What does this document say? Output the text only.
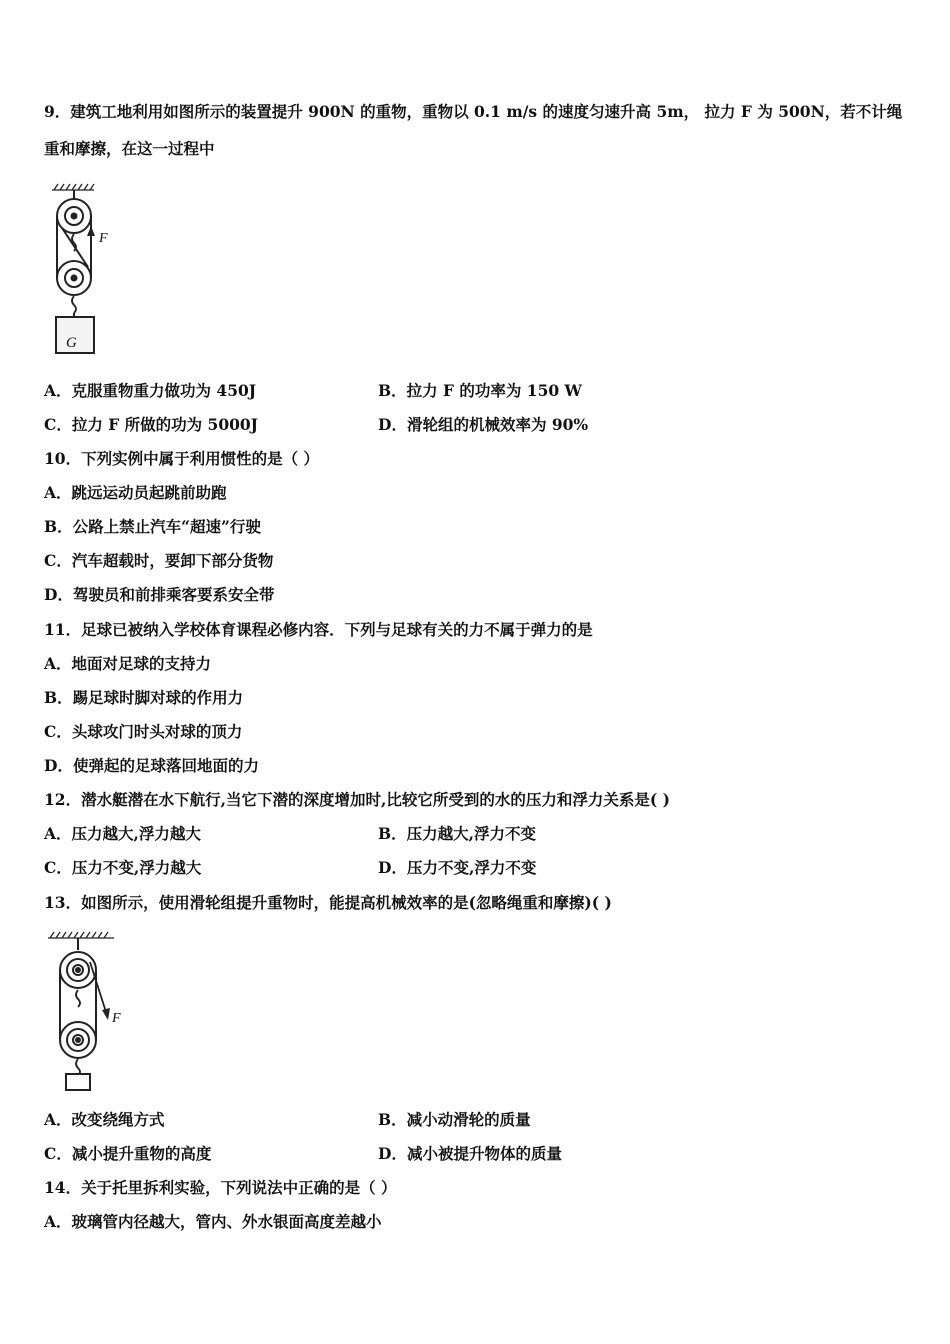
9．建筑工地利用如图所示的装置提升 900N 的重物，重物以 0.1 m/s 的速度匀速升高 5m， 拉力 F 为 500N，若不计绳
重和摩擦，在这一过程中
F
G
A．克服重物重力做功为 450J	B．拉力 F 的功率为 150 W
C．拉力 F 所做的功为 5000J	D．滑轮组的机械效率为 90%
10．下列实例中属于利用惯性的是（ ）
A．跳远运动员起跳前助跑
B．公路上禁止汽车“超速”行驶
C．汽车超载时，要卸下部分货物
D．驾驶员和前排乘客要系安全带
11．足球已被纳入学校体育课程必修内容．下列与足球有关的力不属于弹力的是
A．地面对足球的支持力
B．踢足球时脚对球的作用力
C．头球攻门时头对球的顶力
D．使弹起的足球落回地面的力
12．潜水艇潜在水下航行,当它下潜的深度增加时,比较它所受到的水的压力和浮力关系是( )
A．压力越大,浮力越大	B．压力越大,浮力不变
C．压力不变,浮力越大	D．压力不变,浮力不变
13．如图所示，使用滑轮组提升重物时，能提高机械效率的是(忽略绳重和摩擦)( )
F
A．改变绕绳方式	B．减小动滑轮的质量
C．减小提升重物的高度	D．减小被提升物体的质量
14．关于托里拆利实验，下列说法中正确的是（ ）
A．玻璃管内径越大，管内、外水银面高度差越小
